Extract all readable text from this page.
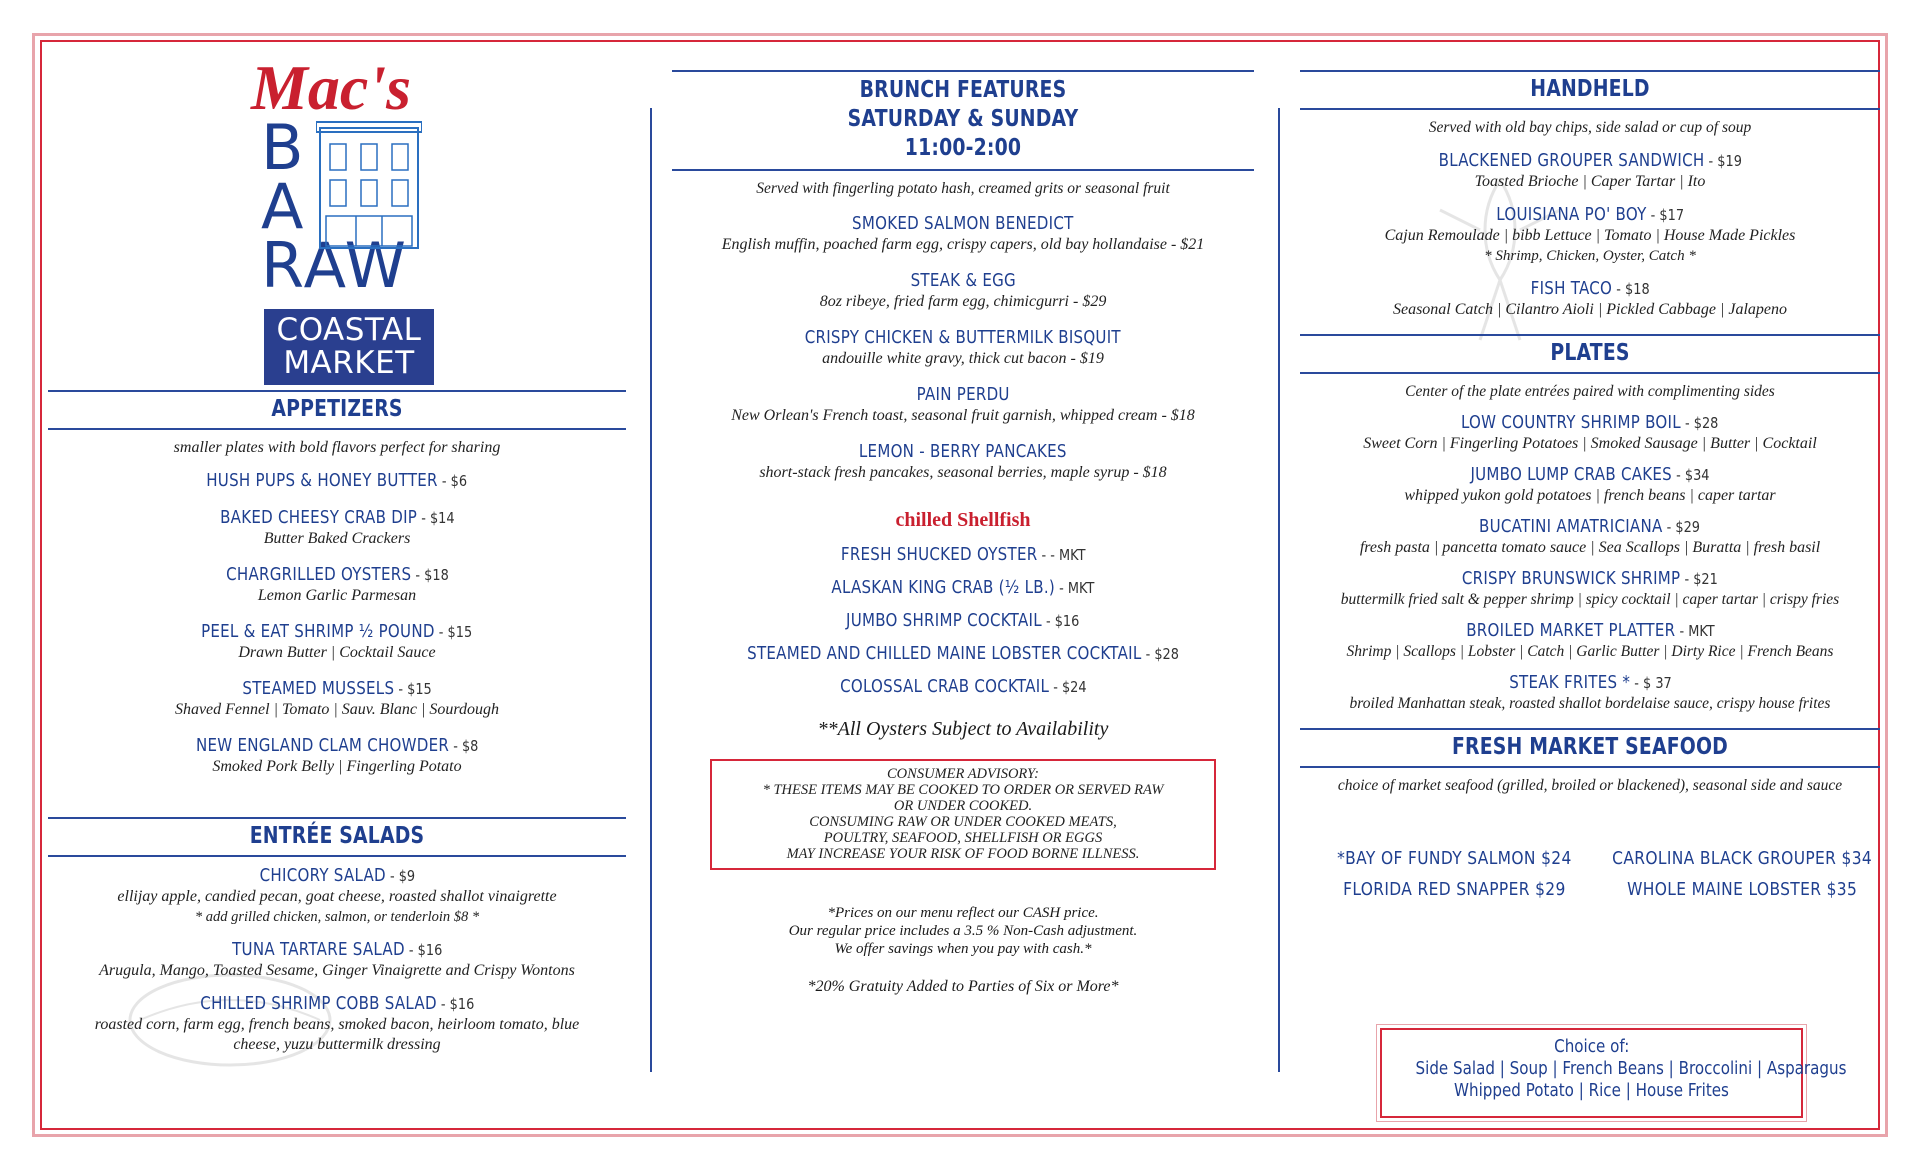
Mac's
B
A
RAW
COASTAL
MARKET
APPETIZERS
smaller plates with bold flavors perfect for sharing
HUSH PUPS & HONEY BUTTER - $6
BAKED CHEESY CRAB DIP - $14
Butter Baked Crackers
CHARGRILLED OYSTERS - $18
Lemon Garlic Parmesan
PEEL & EAT SHRIMP ½ POUND - $15
Drawn Butter | Cocktail Sauce
STEAMED MUSSELS - $15
Shaved Fennel | Tomato | Sauv. Blanc | Sourdough
NEW ENGLAND CLAM CHOWDER - $8
Smoked Pork Belly | Fingerling Potato
ENTRÉE SALADS
CHICORY SALAD - $9
ellijay apple, candied pecan, goat cheese, roasted shallot vinaigrette
* add grilled chicken, salmon, or tenderloin $8 *
TUNA TARTARE SALAD - $16
Arugula, Mango, Toasted Sesame, Ginger Vinaigrette and Crispy Wontons
CHILLED SHRIMP COBB SALAD - $16
roasted corn, farm egg, french beans, smoked bacon, heirloom tomato, blue
cheese, yuzu buttermilk dressing
BRUNCH FEATURES
SATURDAY & SUNDAY
11:00-2:00
Served with fingerling potato hash, creamed grits or seasonal fruit
SMOKED SALMON BENEDICT
English muffin, poached farm egg, crispy capers, old bay hollandaise - $21
STEAK & EGG
8oz ribeye, fried farm egg, chimicgurri - $29
CRISPY CHICKEN & BUTTERMILK BISQUIT
andouille white gravy, thick cut bacon - $19
PAIN PERDU
New Orlean's French toast, seasonal fruit garnish, whipped cream - $18
LEMON - BERRY PANCAKES
short-stack fresh pancakes, seasonal berries, maple syrup - $18
chilled Shellfish
FRESH SHUCKED OYSTER - - MKT
ALASKAN KING CRAB (½ LB.) - MKT
JUMBO SHRIMP COCKTAIL - $16
STEAMED AND CHILLED MAINE LOBSTER COCKTAIL - $28
COLOSSAL CRAB COCKTAIL - $24
**All Oysters Subject to Availability
CONSUMER ADVISORY:
* THESE ITEMS MAY BE COOKED TO ORDER OR SERVED RAW
OR UNDER COOKED.
CONSUMING RAW OR UNDER COOKED MEATS,
POULTRY, SEAFOOD, SHELLFISH OR EGGS
MAY INCREASE YOUR RISK OF FOOD BORNE ILLNESS.
*Prices on our menu reflect our CASH price.
Our regular price includes a 3.5 % Non-Cash adjustment.
We offer savings when you pay with cash.*
*20% Gratuity Added to Parties of Six or More*
HANDHELD
Served with old bay chips, side salad or cup of soup
BLACKENED GROUPER SANDWICH - $19
Toasted Brioche | Caper Tartar | Ito
LOUISIANA PO' BOY - $17
Cajun Remoulade | bibb Lettuce | Tomato | House Made Pickles
* Shrimp, Chicken, Oyster, Catch *
FISH TACO - $18
Seasonal Catch | Cilantro Aioli | Pickled Cabbage | Jalapeno
PLATES
Center of the plate entrées paired with complimenting sides
LOW COUNTRY SHRIMP BOIL - $28
Sweet Corn | Fingerling Potatoes | Smoked Sausage | Butter | Cocktail
JUMBO LUMP CRAB CAKES - $34
whipped yukon gold potatoes | french beans | caper tartar
BUCATINI AMATRICIANA - $29
fresh pasta | pancetta tomato sauce | Sea Scallops | Buratta | fresh basil
CRISPY BRUNSWICK SHRIMP - $21
buttermilk fried salt & pepper shrimp | spicy cocktail | caper tartar | crispy fries
BROILED MARKET PLATTER - MKT
Shrimp | Scallops | Lobster | Catch | Garlic Butter | Dirty Rice | French Beans
STEAK FRITES * - $ 37
broiled Manhattan steak, roasted shallot bordelaise sauce, crispy house frites
FRESH MARKET SEAFOOD
choice of market seafood (grilled, broiled or blackened), seasonal side and sauce
*BAY OF FUNDY SALMON $24 CAROLINA BLACK GROUPER $34
FLORIDA RED SNAPPER $29	WHOLE MAINE LOBSTER $35
Choice of:
Side Salad | Soup | French Beans | Broccolini | Asparagus
Whipped Potato | Rice | House Frites
